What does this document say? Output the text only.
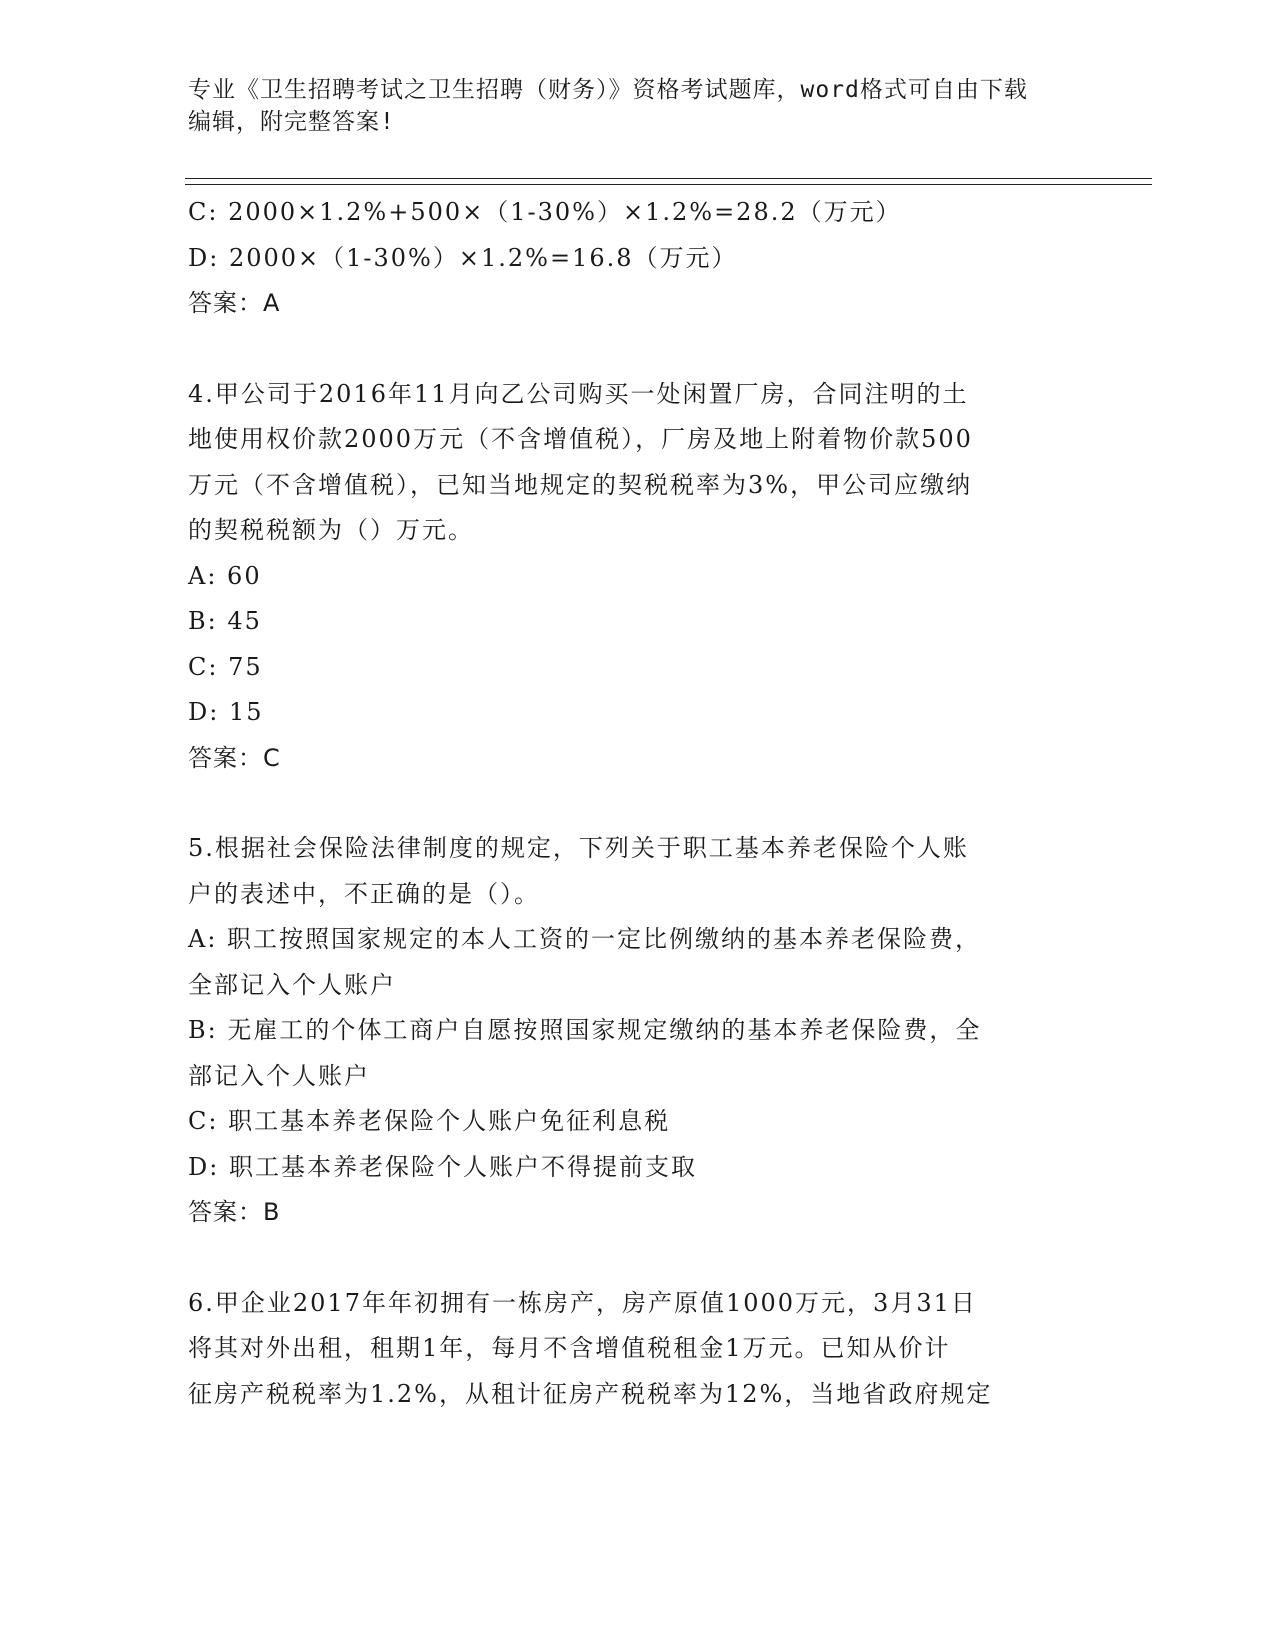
专业《卫生招聘考试之卫生招聘（财务）》资格考试题库，word格式可自由下载
编辑，附完整答案!
C: 2000×1.2%+500×（1-30%）×1.2%=28.2（万元）
D: 2000×（1-30%）×1.2%=16.8（万元）
答案：A
4.甲公司于2016年11月向乙公司购买一处闲置厂房，合同注明的土
地使用权价款2000万元（不含增值税），厂房及地上附着物价款500
万元（不含增值税），已知当地规定的契税税率为3%，甲公司应缴纳
的契税税额为（）万元。
A: 60
B: 45
C: 75
D: 15
答案：C
5.根据社会保险法律制度的规定，下列关于职工基本养老保险个人账
户的表述中，不正确的是（）。
A: 职工按照国家规定的本人工资的一定比例缴纳的基本养老保险费，
全部记入个人账户
B: 无雇工的个体工商户自愿按照国家规定缴纳的基本养老保险费，全
部记入个人账户
C: 职工基本养老保险个人账户免征利息税
D: 职工基本养老保险个人账户不得提前支取
答案：B
6.甲企业2017年年初拥有一栋房产，房产原值1000万元，3月31日
将其对外出租，租期1年，每月不含增值税租金1万元。已知从价计
征房产税税率为1.2%，从租计征房产税税率为12%，当地省政府规定
